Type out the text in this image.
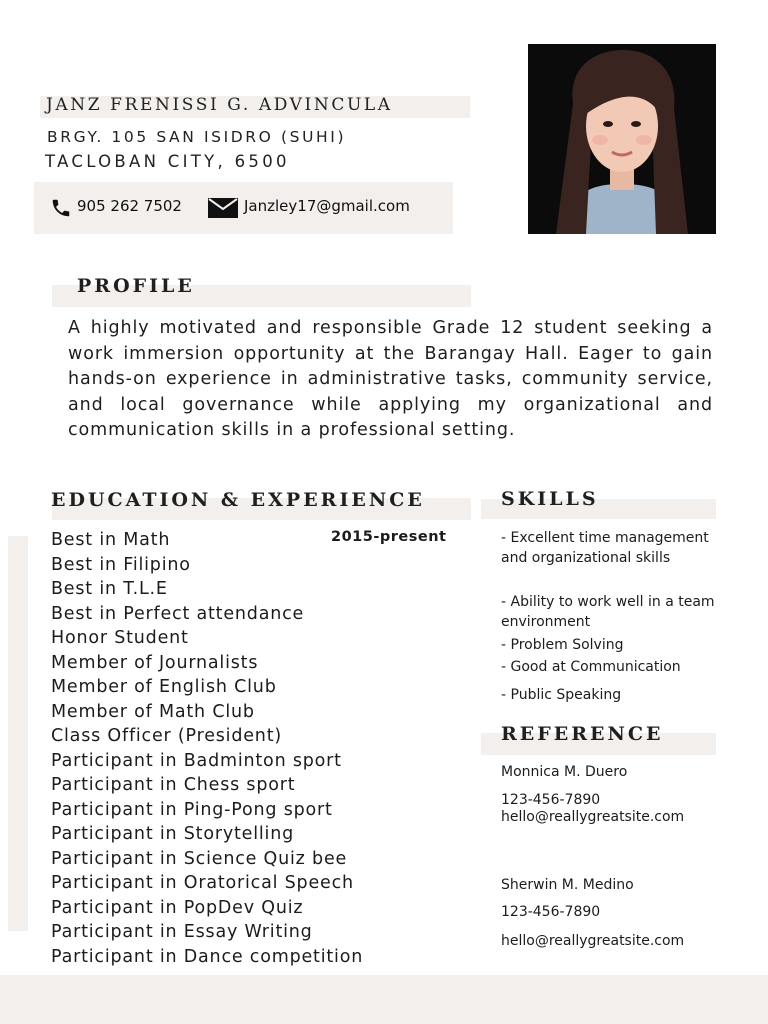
JANZ FRENISSI G. ADVINCULA
BRGY. 105 SAN ISIDRO (SUHI)
TACLOBAN CITY, 6500
905 262 7502	Janzley17@gmail.com
PROFILE
A highly motivated and responsible Grade 12 student seeking a work immersion opportunity at the Barangay Hall. Eager to gain hands-on experience in administrative tasks, community service, and local governance while applying my organizational and communication skills in a professional setting.
EDUCATION & EXPERIENCE
2015-present
Best in Math
Best in Filipino
Best in T.L.E
Best in Perfect attendance
Honor Student
Member of Journalists
Member of English Club
Member of Math Club
Class Officer (President)
Participant in Badminton sport
Participant in Chess sport
Participant in Ping-Pong sport
Participant in Storytelling
Participant in Science Quiz bee
Participant in Oratorical Speech
Participant in PopDev Quiz
Participant in Essay Writing
Participant in Dance competition
SKILLS
- Excellent time management and organizational skills
- Ability to work well in a team environment
- Problem Solving
- Good at Communication
- Public Speaking
REFERENCE
Monnica M. Duero
123-456-7890
hello@reallygreatsite.com
Sherwin M. Medino
123-456-7890
hello@reallygreatsite.com
